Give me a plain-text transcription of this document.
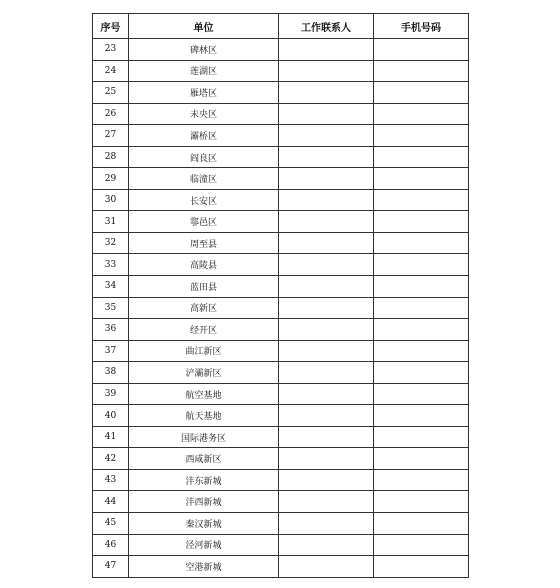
序号	单位	工作联系人	手机号码
23	碑林区		
24	莲湖区		
25	雁塔区		
26	未央区		
27	灞桥区		
28	阎良区		
29	临潼区		
30	长安区		
31	鄠邑区		
32	周至县		
33	高陵县		
34	蓝田县		
35	高新区		
36	经开区		
37	曲江新区		
38	浐灞新区		
39	航空基地		
40	航天基地		
41	国际港务区		
42	西咸新区		
43	沣东新城		
44	沣西新城		
45	秦汉新城		
46	泾河新城		
47	空港新城		
